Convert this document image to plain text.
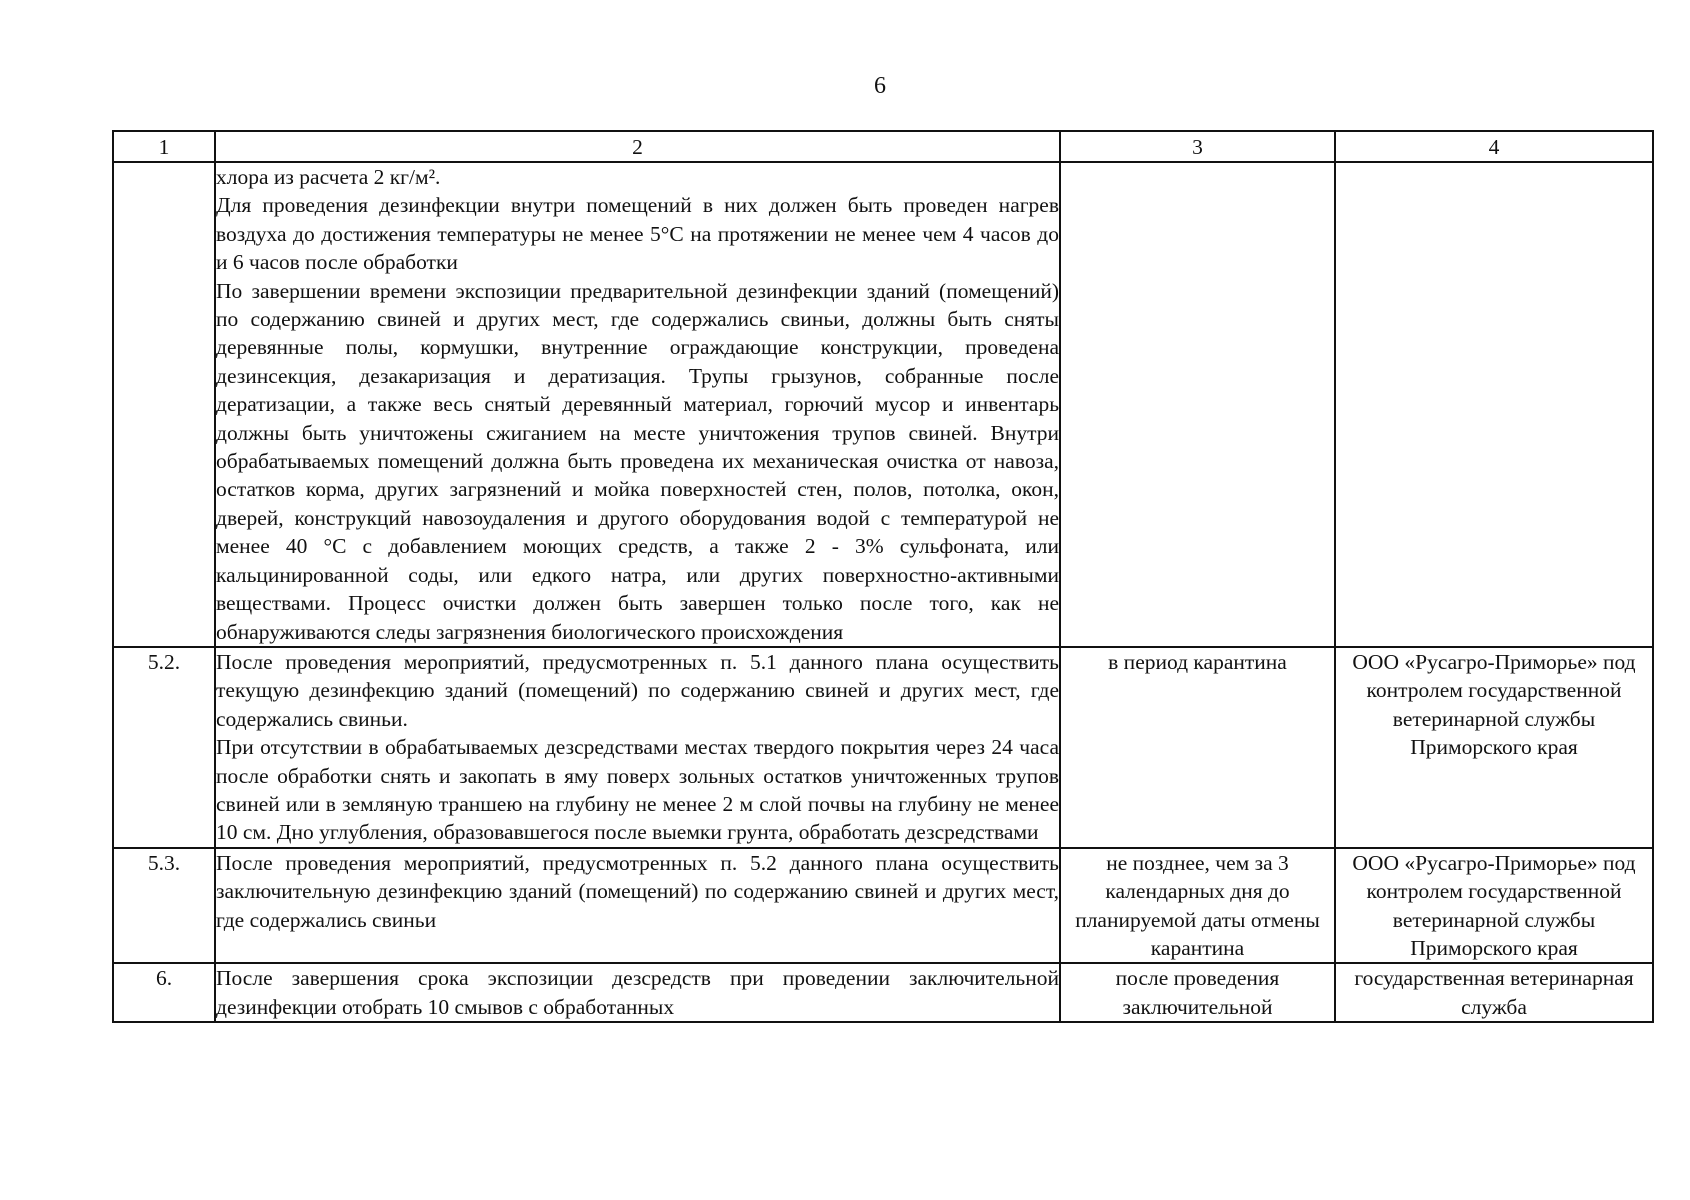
6
1	2	3	4

	хлора из расчета 2 кг/м².
Для проведения дезинфекции внутри помещений в них должен быть проведен нагрев воздуха до достижения температуры не менее 5°С на протяжении не менее чем 4 часов до и 6 часов после обработки
По завершении времени экспозиции предварительной дезинфекции зданий (помещений) по содержанию свиней и других мест, где содержались свиньи, должны быть сняты деревянные полы, кормушки, внутренние ограждающие конструкции, проведена дезинсекция, дезакаризация и дератизация. Трупы грызунов, собранные после дератизации, а также весь снятый деревянный материал, горючий мусор и инвентарь должны быть уничтожены сжиганием на месте уничтожения трупов свиней. Внутри обрабатываемых помещений должна быть проведена их механическая очистка от навоза, остатков корма, других загрязнений и мойка поверхностей стен, полов, потолка, окон, дверей, конструкций навозоудаления и другого оборудования водой с температурой не менее 40 °С с добавлением моющих средств, а также 2 - 3% сульфоната, или кальцинированной соды, или едкого натра, или других поверхностно-активными веществами. Процесс очистки должен быть завершен только после того, как не обнаруживаются следы загрязнения биологического происхождения		

5.2.	После проведения мероприятий, предусмотренных п. 5.1 данного плана осуществить текущую дезинфекцию зданий (помещений) по содержанию свиней и других мест, где содержались свиньи.
При отсутствии в обрабатываемых дезсредствами местах твердого покрытия через 24 часа после обработки снять и закопать в яму поверх зольных остатков уничтоженных трупов свиней или в земляную траншею на глубину не менее 2 м слой почвы на глубину не менее 10 см. Дно углубления, образовавшегося после выемки грунта, обработать дезсредствами	в период карантина	ООО «Русагро-Приморье» под контролем государственной ветеринарной службы Приморского края
5.3.	После проведения мероприятий, предусмотренных п. 5.2 данного плана осуществить заключительную дезинфекцию зданий (помещений) по содержанию свиней и других мест, где содержались свиньи	не позднее, чем за 3 календарных дня до планируемой даты отмены карантина	ООО «Русагро-Приморье» под контролем государственной ветеринарной службы Приморского края
6.	После завершения срока экспозиции дезсредств при проведении заключительной дезинфекции отобрать 10 смывов с обработанных	после проведения заключительной	государственная ветеринарная служба
